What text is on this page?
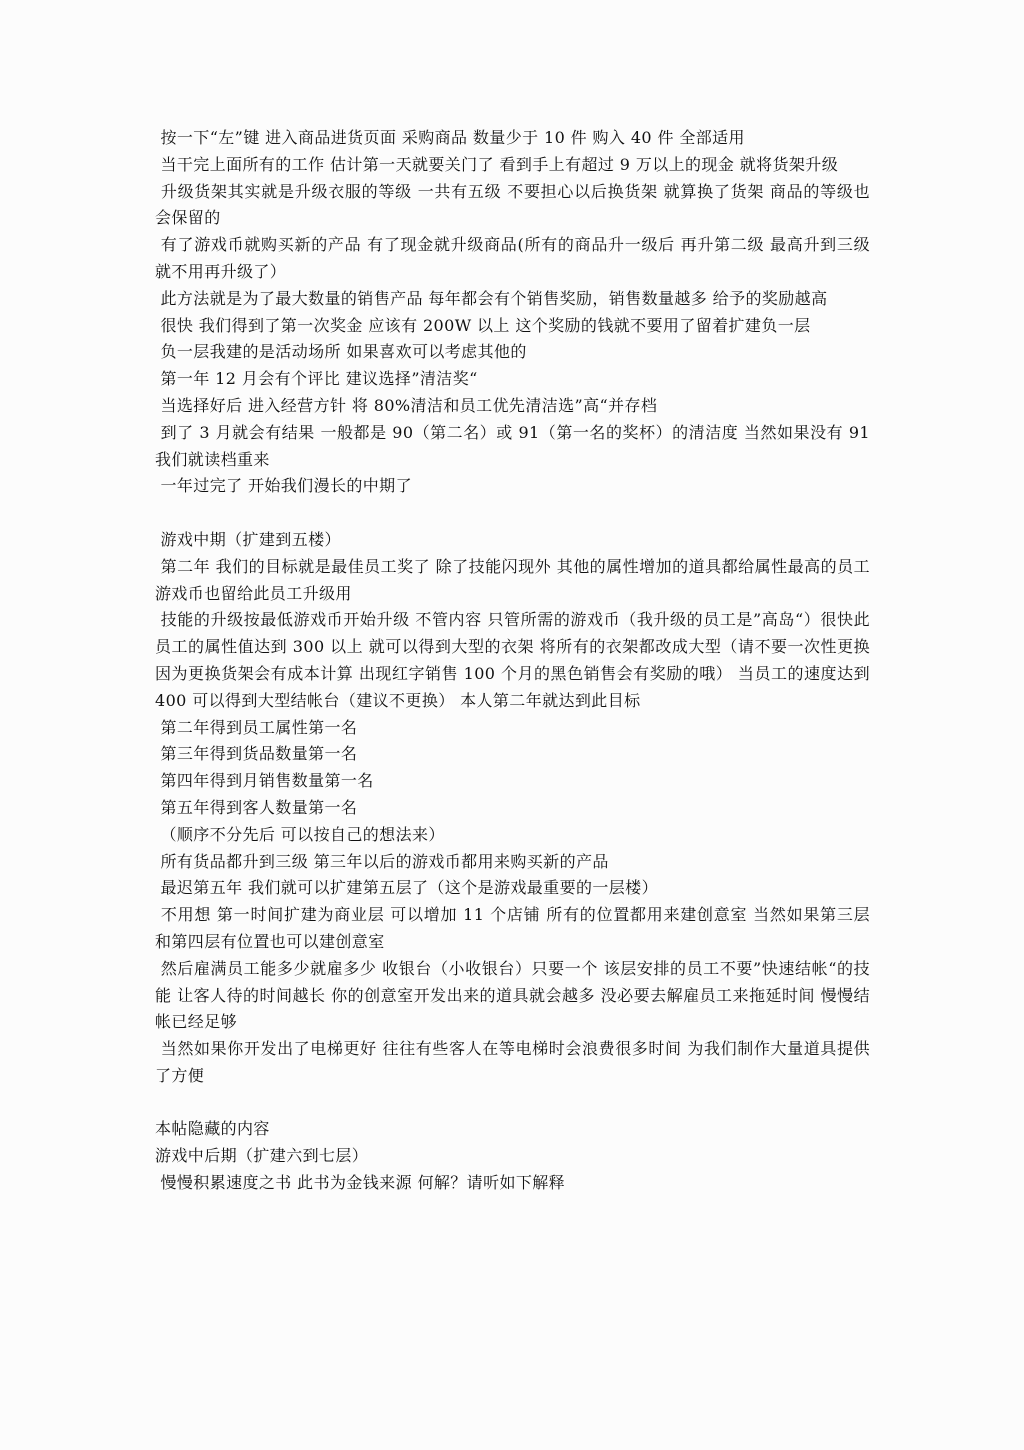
按一下“左”键 进入商品进货页面 采购商品 数量少于 10 件 购入 40 件 全部适用

当干完上面所有的工作 估计第一天就要关门了 看到手上有超过 9 万以上的现金 就将货架升级

升级货架其实就是升级衣服的等级 一共有五级 不要担心以后换货架 就算换了货架 商品的等级也会保留的

有了游戏币就购买新的产品 有了现金就升级商品(所有的商品升一级后 再升第二级 最高升到三级就不用再升级了）

此方法就是为了最大数量的销售产品 每年都会有个销售奖励，销售数量越多 给予的奖励越高

很快 我们得到了第一次奖金 应该有 200W 以上 这个奖励的钱就不要用了留着扩建负一层

负一层我建的是活动场所 如果喜欢可以考虑其他的

第一年 12 月会有个评比 建议选择”清洁奖“

当选择好后 进入经营方针 将 80%清洁和员工优先清洁选”高“并存档

到了 3 月就会有结果 一般都是 90（第二名）或 91（第一名的奖杯）的清洁度 当然如果没有 91 我们就读档重来

一年过完了 开始我们漫长的中期了

游戏中期（扩建到五楼）

第二年 我们的目标就是最佳员工奖了 除了技能闪现外 其他的属性增加的道具都给属性最高的员工 游戏币也留给此员工升级用

技能的升级按最低游戏币开始升级 不管内容 只管所需的游戏币（我升级的员工是”高岛“）很快此员工的属性值达到 300 以上 就可以得到大型的衣架 将所有的衣架都改成大型（请不要一次性更换 因为更换货架会有成本计算 出现红字销售 100 个月的黑色销售会有奖励的哦） 当员工的速度达到 400 可以得到大型结帐台（建议不更换） 本人第二年就达到此目标

第二年得到员工属性第一名

第三年得到货品数量第一名

第四年得到月销售数量第一名

第五年得到客人数量第一名

（顺序不分先后 可以按自己的想法来）

所有货品都升到三级 第三年以后的游戏币都用来购买新的产品

最迟第五年 我们就可以扩建第五层了（这个是游戏最重要的一层楼）

不用想 第一时间扩建为商业层 可以增加 11 个店铺 所有的位置都用来建创意室 当然如果第三层和第四层有位置也可以建创意室

然后雇满员工能多少就雇多少 收银台（小收银台）只要一个 该层安排的员工不要”快速结帐“的技能 让客人待的时间越长 你的创意室开发出来的道具就会越多 没必要去解雇员工来拖延时间 慢慢结帐已经足够

当然如果你开发出了电梯更好 往往有些客人在等电梯时会浪费很多时间 为我们制作大量道具提供了方便

本帖隐藏的内容

游戏中后期（扩建六到七层）

慢慢积累速度之书 此书为金钱来源 何解？请听如下解释
